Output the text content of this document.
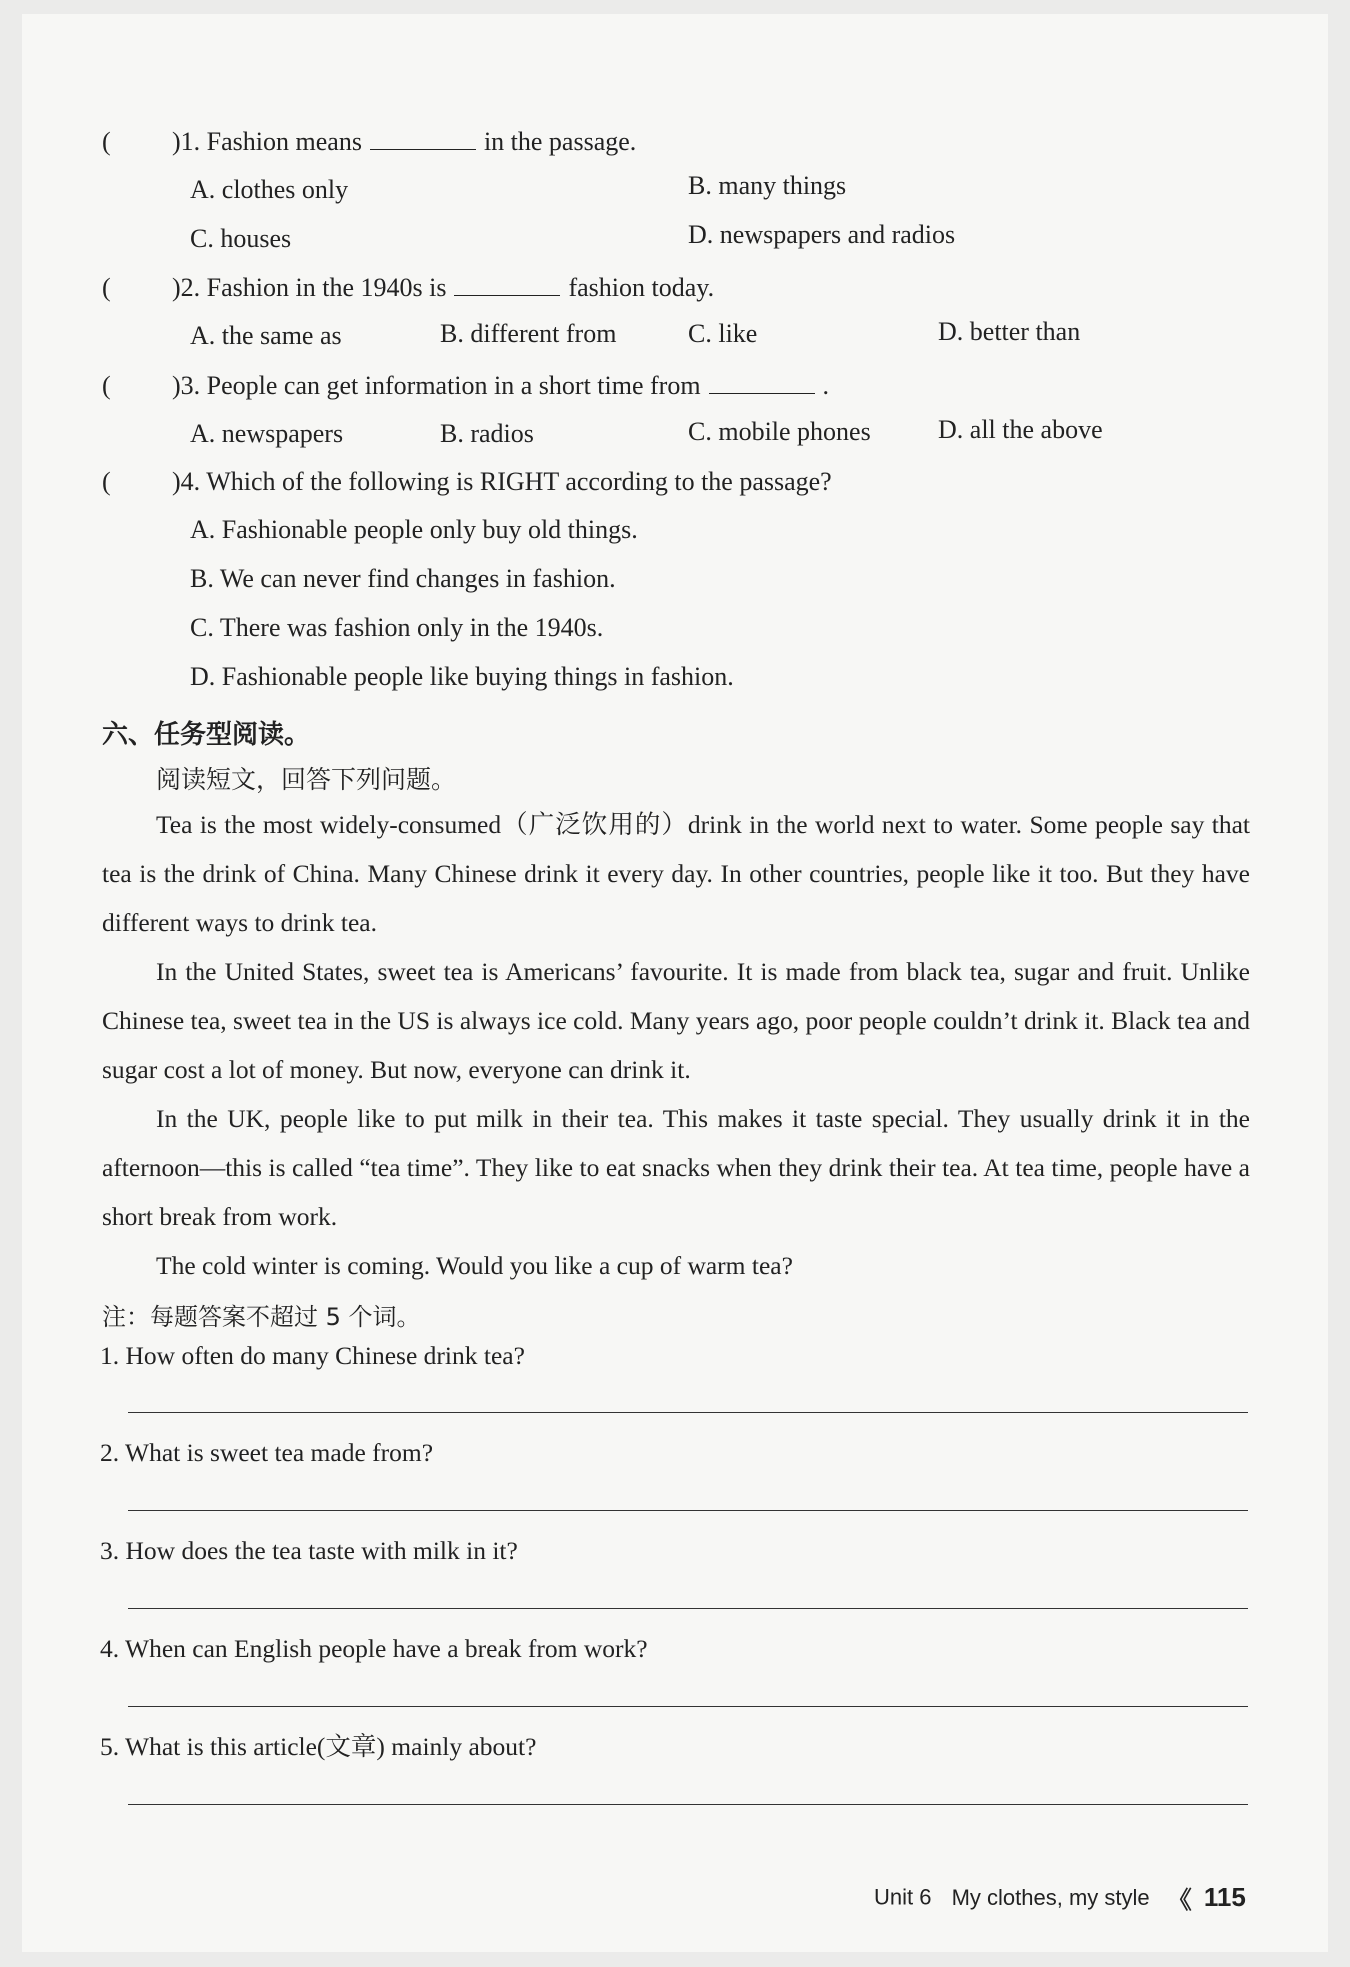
( )1. Fashion means	in the passage.
A. clothes only	B. many things
C. houses	D. newspapers and radios
( )2. Fashion in the 1940s is	fashion today.
A. the same as	B. different from	C. like	D. better than
( )3. People can get information in a short time from	.
A. newspapers	B. radios	C. mobile phones	D. all the above
( )4. Which of the following is RIGHT according to the passage?
A. Fashionable people only buy old things.
B. We can never find changes in fashion.
C. There was fashion only in the 1940s.
D. Fashionable people like buying things in fashion.
六、任务型阅读。
阅读短文，回答下列问题。

Tea is the most widely-consumed（广泛饮用的）drink in the world next to water. Some people say that tea is the drink of China. Many Chinese drink it every day. In other countries, people like it too. But they have different ways to drink tea.

In the United States, sweet tea is Americans’ favourite. It is made from black tea, sugar and fruit. Unlike Chinese tea, sweet tea in the US is always ice cold. Many years ago, poor people couldn’t drink it. Black tea and sugar cost a lot of money. But now, everyone can drink it.

In the UK, people like to put milk in their tea. This makes it taste special. They usually drink it in the afternoon—this is called “tea time”. They like to eat snacks when they drink their tea. At tea time, people have a short break from work.

The cold winter is coming. Would you like a cup of warm tea?

注：每题答案不超过 5 个词。
1. How often do many Chinese drink tea?
2. What is sweet tea made from?
3. How does the tea taste with milk in it?
4. When can English people have a break from work?
5. What is this article(文章) mainly about?
Unit 6 My clothes, my style 《 115
